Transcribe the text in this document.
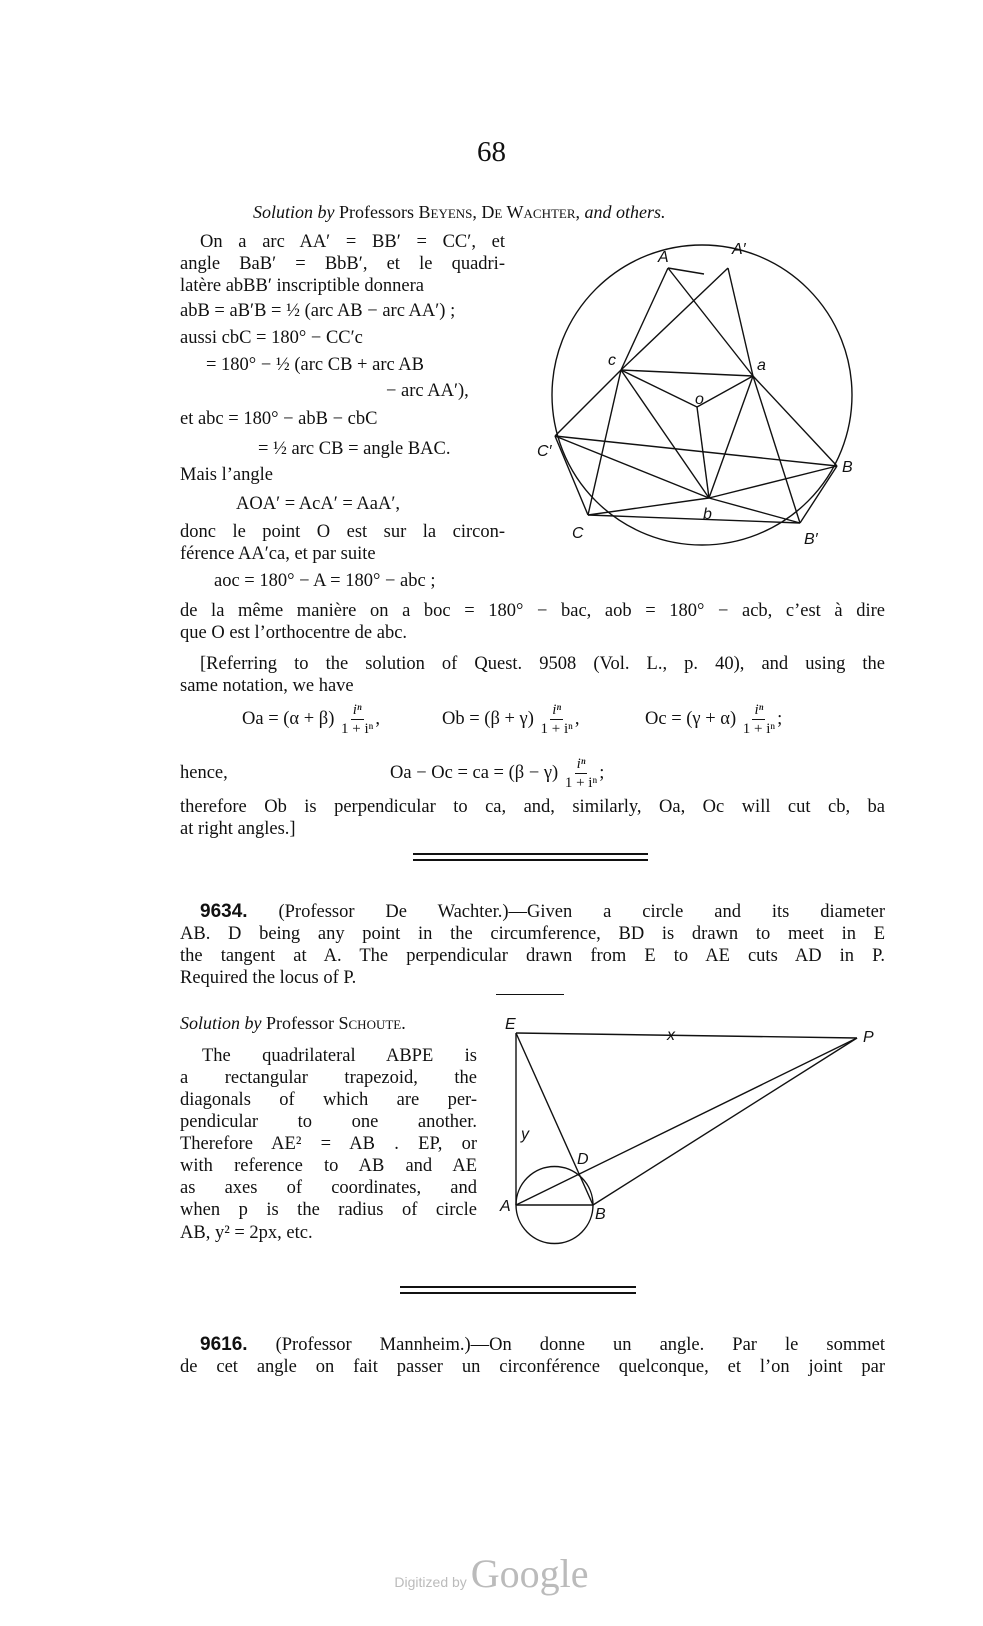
68
Solution by Professors Beyens, De Wachter, and others.
On a arc AA′ = BB′ = CC′, et
angle BaB′ = BbB′, et le quadri-
latère abBB′ inscriptible donnera
abB = aB′B = ½ (arc AB − arc AA′) ;
aussi cbC = 180° − CC′c
= 180° − ½ (arc CB + arc AB
− arc AA′),
et abc = 180° − abB − cbC
= ½ arc CB = angle BAC.
Mais l’angle
AOA′ = AcA′ = AaA′,
donc le point O est sur la circon-
férence AA′ca, et par suite
aoc = 180° − A = 180° − abc ;
de la même manière on a boc = 180° − bac, aob = 180° − acb, c’est à dire
que O est l’orthocentre de abc.
A	A′
c	a
o
C′
B
b
C	B′
[Referring to the solution of Quest. 9508 (Vol. L., p. 40), and using the
same notation, we have
$Oa = (\alpha + \beta) \frac{\text{iⁿ}}{\text{1 + iⁿ}}$ ,	$Ob = (\beta + \gamma) \frac{\text{iⁿ}}{\text{1 + iⁿ}}$ ,	$Oc = (\gamma + \alpha) \frac{\text{iⁿ}}{\text{1 + iⁿ}}$ ;
hence,	Oa − Oc = ca = $(\beta - \gamma) \frac{\text{iⁿ}}{\text{1 + iⁿ}}$ ;
therefore Ob is perpendicular to ca, and, similarly, Oa, Oc will cut cb, ba
at right angles.]
9634. (Professor De Wachter.)—Given a circle and its diameter
AB. D being any point in the circumference, BD is drawn to meet in E
the tangent at A. The perpendicular drawn from E to AE cuts AD in P.
Required the locus of P.
Solution by Professor Schoute.
The quadrilateral ABPE is
a rectangular trapezoid, the
diagonals of which are per-
pendicular to one another.
Therefore AE² = AB . EP, or
with reference to AB and AE
as axes of coordinates, and
when p is the radius of circle
AB, y² = 2px, etc.
E
x	P
y
D
A	B
9616. (Professor Mannheim.)—On donne un angle. Par le sommet
de cet angle on fait passer un circonférence quelconque, et l’on joint par
Digitized by Google
